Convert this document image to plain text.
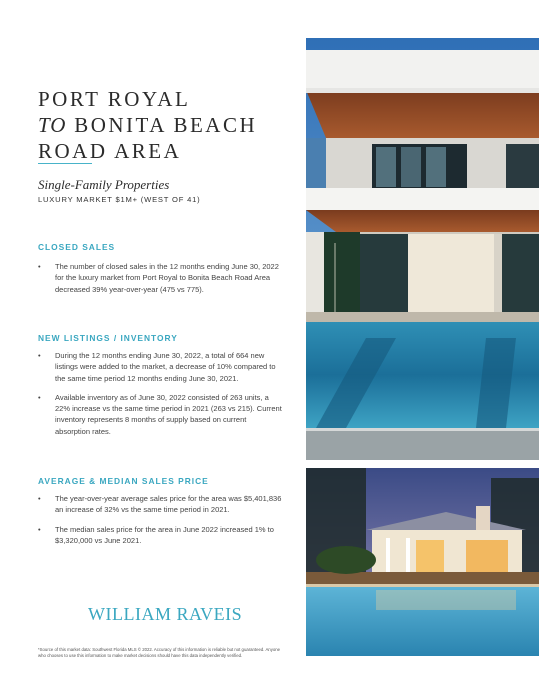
PORT ROYAL
TO BONITA BEACH
ROAD AREA
Single-Family Properties
LUXURY MARKET $1M+ (WEST OF 41)
CLOSED SALES
• The number of closed sales in the 12 months ending June 30, 2022 for the luxury market from Port Royal to Bonita Beach Road Area decreased 39% year-over-year (475 vs 775).
NEW LISTINGS / INVENTORY
• During the 12 months ending June 30, 2022, a total of 664 new listings were added to the market, a decrease of 10% compared to the same time period 12 months ending June 30, 2021.
• Available inventory as of June 30, 2022 consisted of 263 units, a 22% increase vs the same time period in 2021 (263 vs 215). Current inventory represents 8 months of supply based on current absorption rates.
AVERAGE & MEDIAN SALES PRICE
• The year-over-year average sales price for the area was $5,401,836 an increase of 32% vs the same time period in 2021.
• The median sales price for the area in June 2022 increased 1% to $3,320,000 vs June 2021.
WILLIAM RAVEIS
*Source of this market data: Southwest Florida MLS © 2022. Accuracy of this information is reliable but not guaranteed. Anyone who chooses to use this information to make market decisions should have this data independently verified.
